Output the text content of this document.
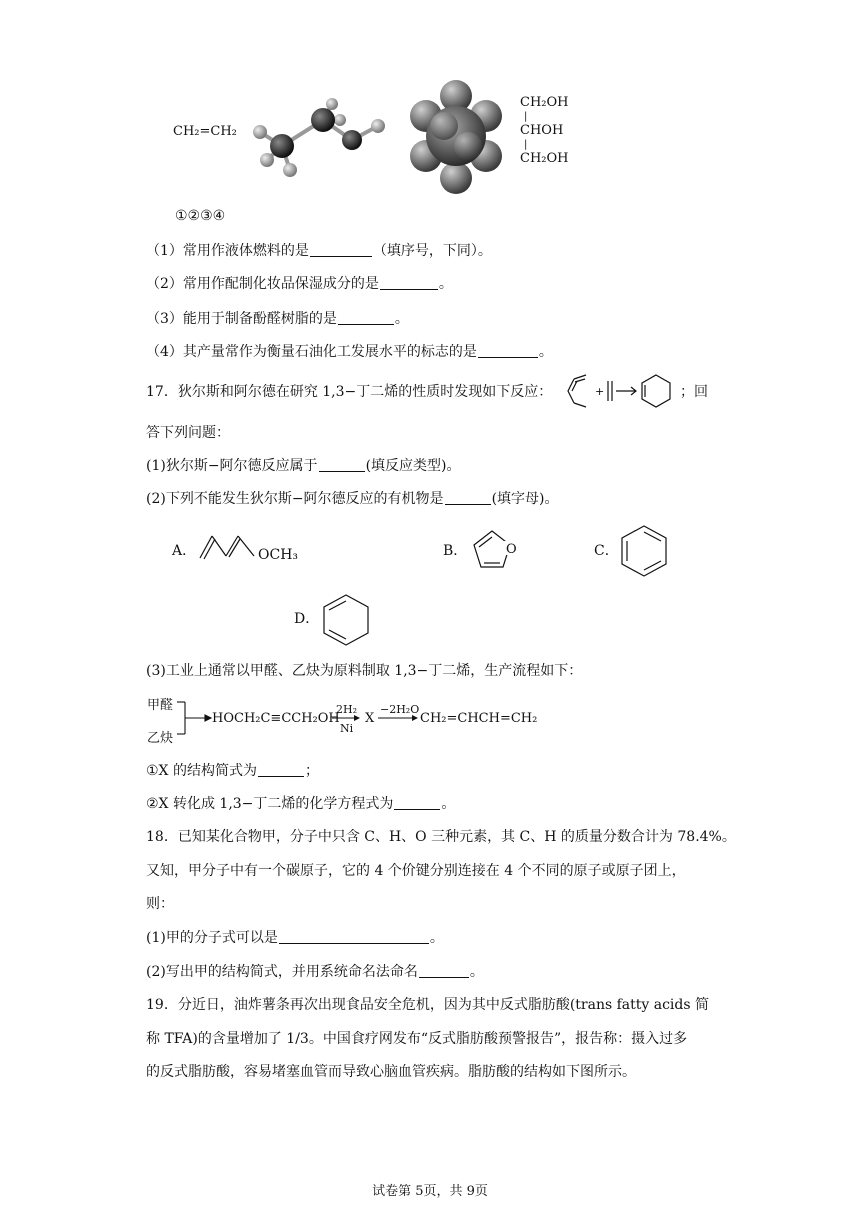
CH₂=CH₂
CH₂OH
|
CHOH
|
CH₂OH
①②③④
（1）常用作液体燃料的是	（填序号，下同）。
（2）常用作配制化妆品保湿成分的是	。
（3）能用于制备酚醛树脂的是	。
（4）其产量常作为衡量石油化工发展水平的标志的是	。
17．狄尔斯和阿尔德在研究 1,3−丁二烯的性质时发现如下反应：	+	；回
答下列问题：
(1)狄尔斯−阿尔德反应属于	(填反应类型)。
(2)下列不能发生狄尔斯−阿尔德反应的有机物是	(填字母)。
A．	OCH₃	B．	O	C．
D．
(3)工业上通常以甲醛、乙炔为原料制取 1,3−丁二烯，生产流程如下：
甲醛
乙炔
HOCH₂C≡CCH₂OH
2H₂
Ni
X
−2H₂O
CH₂=CHCH=CH₂
①X 的结构简式为	；
②X 转化成 1,3−丁二烯的化学方程式为	。
18．已知某化合物甲，分子中只含 C、H、O 三种元素，其 C、H 的质量分数合计为 78.4%。
又知，甲分子中有一个碳原子，它的 4 个价键分别连接在 4 个不同的原子或原子团上，
则：
(1)甲的分子式可以是	。
(2)写出甲的结构简式，并用系统命名法命名	。
19．分近日，油炸薯条再次出现食品安全危机，因为其中反式脂肪酸(trans fatty acids 简
称 TFA)的含量增加了 1/3。中国食疗网发布“反式脂肪酸预警报告”，报告称：摄入过多
的反式脂肪酸，容易堵塞血管而导致心脑血管疾病。脂肪酸的结构如下图所示。
试卷第 5页，共 9页
